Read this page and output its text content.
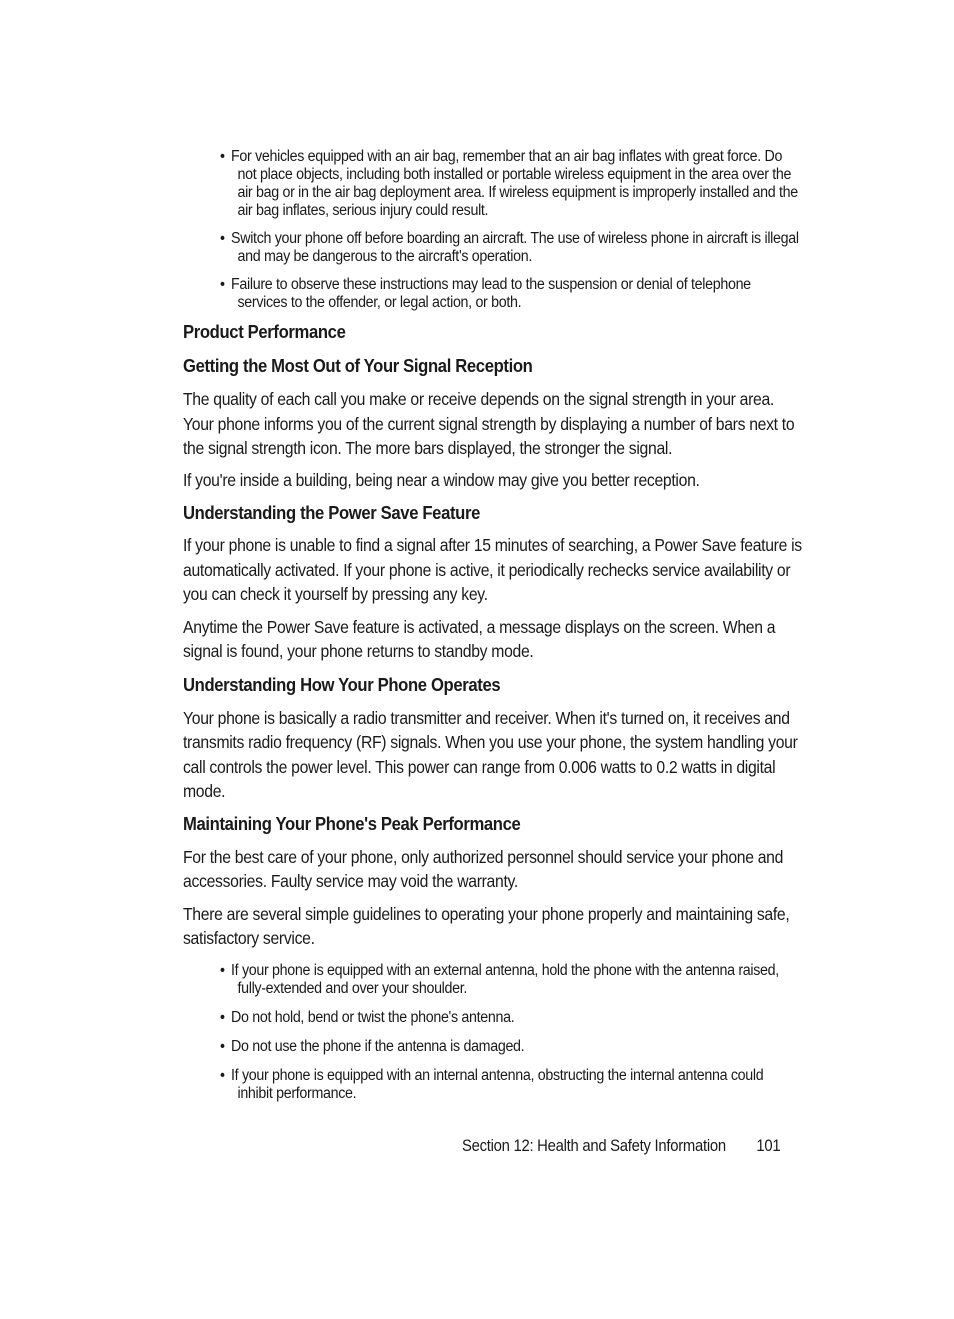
• For vehicles equipped with an air bag, remember that an air bag inflates with great force. Do not place objects, including both installed or portable wireless equipment in the area over the air bag or in the air bag deployment area. If wireless equipment is improperly installed and the air bag inflates, serious injury could result.
• Switch your phone off before boarding an aircraft. The use of wireless phone in aircraft is illegal and may be dangerous to the aircraft's operation.
• Failure to observe these instructions may lead to the suspension or denial of telephone services to the offender, or legal action, or both.
Product Performance
Getting the Most Out of Your Signal Reception

The quality of each call you make or receive depends on the signal strength in your area. Your phone informs you of the current signal strength by displaying a number of bars next to the signal strength icon. The more bars displayed, the stronger the signal.

If you're inside a building, being near a window may give you better reception.

Understanding the Power Save Feature

If your phone is unable to find a signal after 15 minutes of searching, a Power Save feature is automatically activated. If your phone is active, it periodically rechecks service availability or you can check it yourself by pressing any key.

Anytime the Power Save feature is activated, a message displays on the screen. When a signal is found, your phone returns to standby mode.

Understanding How Your Phone Operates

Your phone is basically a radio transmitter and receiver. When it's turned on, it receives and transmits radio frequency (RF) signals. When you use your phone, the system handling your call controls the power level. This power can range from 0.006 watts to 0.2 watts in digital mode.

Maintaining Your Phone's Peak Performance

For the best care of your phone, only authorized personnel should service your phone and accessories. Faulty service may void the warranty.

There are several simple guidelines to operating your phone properly and maintaining safe, satisfactory service.

• If your phone is equipped with an external antenna, hold the phone with the antenna raised, fully-extended and over your shoulder.
• Do not hold, bend or twist the phone's antenna.
• Do not use the phone if the antenna is damaged.
• If your phone is equipped with an internal antenna, obstructing the internal antenna could inhibit performance.
Section 12: Health and Safety Information 101
